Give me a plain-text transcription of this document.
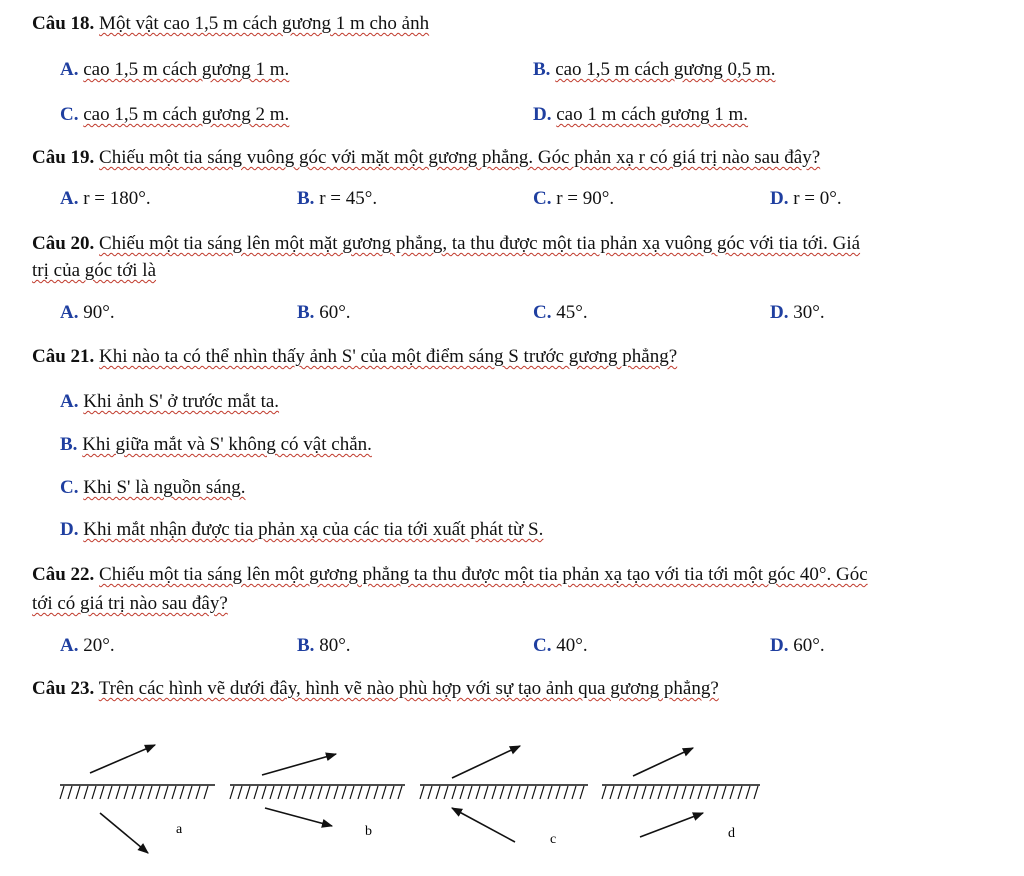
Câu 18. Một vật cao 1,5 m cách gương 1 m cho ảnh
A. cao 1,5 m cách gương 1 m.	B. cao 1,5 m cách gương 0,5 m.
C. cao 1,5 m cách gương 2 m.	D. cao 1 m cách gương 1 m.
Câu 19. Chiếu một tia sáng vuông góc với mặt một gương phẳng. Góc phản xạ r có giá trị nào sau đây?
A. r = 180°.	B. r = 45°.	C. r = 90°.	D. r = 0°.
Câu 20. Chiếu một tia sáng lên một mặt gương phẳng, ta thu được một tia phản xạ vuông góc với tia tới. Giá
trị của góc tới là
A. 90°.	B. 60°.	C. 45°.	D. 30°.
Câu 21. Khi nào ta có thể nhìn thấy ảnh S' của một điểm sáng S trước gương phẳng?
A. Khi ảnh S' ở trước mắt ta.
B. Khi giữa mắt và S' không có vật chắn.
C. Khi S' là nguồn sáng.
D. Khi mắt nhận được tia phản xạ của các tia tới xuất phát từ S.
Câu 22. Chiếu một tia sáng lên một gương phẳng ta thu được một tia phản xạ tạo với tia tới một góc 40°. Góc
tới có giá trị nào sau đây?
A. 20°.	B. 80°.	C. 40°.	D. 60°.
Câu 23. Trên các hình vẽ dưới đây, hình vẽ nào phù hợp với sự tạo ảnh qua gương phẳng?
a	b
c	d
